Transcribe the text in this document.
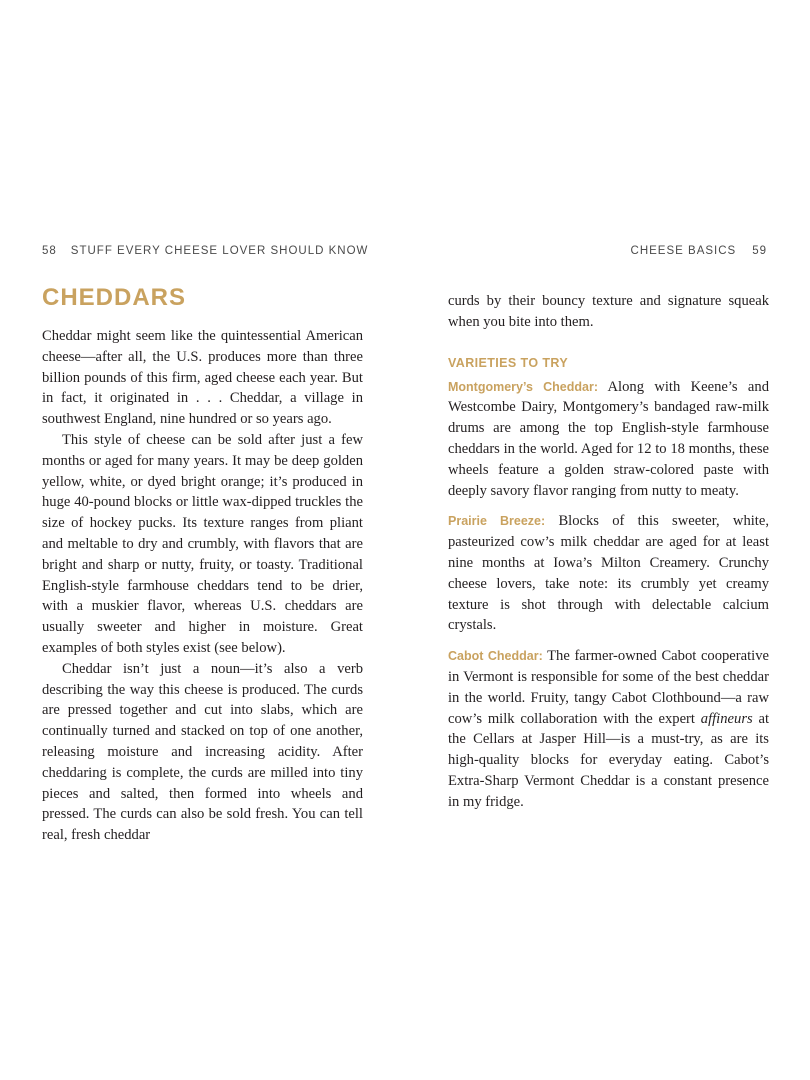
58 STUFF EVERY CHEESE LOVER SHOULD KNOW
CHEDDARS

Cheddar might seem like the quintessential American cheese—after all, the U.S. produces more than three billion pounds of this firm, aged cheese each year. But in fact, it originated in . . . Cheddar, a village in southwest England, nine hundred or so years ago.

This style of cheese can be sold after just a few months or aged for many years. It may be deep golden yellow, white, or dyed bright orange; it’s produced in huge 40-pound blocks or little wax-dipped truckles the size of hockey pucks. Its texture ranges from pliant and meltable to dry and crumbly, with flavors that are bright and sharp or nutty, fruity, or toasty. Traditional English-style farmhouse cheddars tend to be drier, with a muskier flavor, whereas U.S. cheddars are usually sweeter and higher in moisture. Great examples of both styles exist (see below).

Cheddar isn’t just a noun—it’s also a verb describing the way this cheese is produced. The curds are pressed together and cut into slabs, which are continually turned and stacked on top of one another, releasing moisture and increasing acidity. After cheddaring is complete, the curds are milled into tiny pieces and salted, then formed into wheels and pressed. The curds can also be sold fresh. You can tell real, fresh cheddar

CHEESE BASICS 59

curds by their bouncy texture and signature squeak when you bite into them.

VARIETIES TO TRY

Montgomery’s Cheddar: Along with Keene’s and Westcombe Dairy, Montgomery’s bandaged raw-milk drums are among the top English-style farmhouse cheddars in the world. Aged for 12 to 18 months, these wheels feature a golden straw-colored paste with deeply savory flavor ranging from nutty to meaty.

Prairie Breeze: Blocks of this sweeter, white, pasteurized cow’s milk cheddar are aged for at least nine months at Iowa’s Milton Creamery. Crunchy cheese lovers, take note: its crumbly yet creamy texture is shot through with delectable calcium crystals.

Cabot Cheddar: The farmer-owned Cabot cooperative in Vermont is responsible for some of the best cheddar in the world. Fruity, tangy Cabot Clothbound—a raw cow’s milk collaboration with the expert affineurs at the Cellars at Jasper Hill—is a must-try, as are its high-quality blocks for everyday eating. Cabot’s Extra-Sharp Vermont Cheddar is a constant presence in my fridge.
